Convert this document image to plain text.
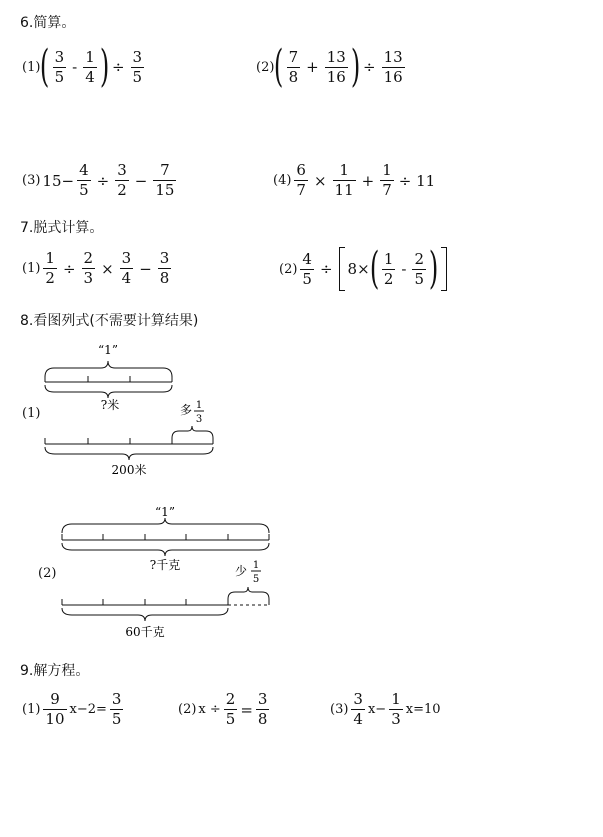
6.简算。
(1) ( $\frac{3}{5} - \frac{1}{4}$ ) ÷ $\frac{3}{5}$	(2) ( $\frac{7}{8} + \frac{13}{16}$ ) ÷ $\frac{13}{16}$
(3) $15- \frac{4}{5} \div \frac{3}{2} - \frac{7}{15}$	$(4) \frac{6}{7} \times \frac{1}{11} + \frac{1}{7} \div 11$
7.脱式计算。
$(1) \frac{1}{2} \div \frac{2}{3} \times \frac{3}{4} - \frac{3}{8}$	$(2) \frac{4}{5} \div 8\times$ ( $\frac{1}{2} - \frac{2}{5}$ )
8.看图列式(不需要计算结果)
(1)
“1”
?米	多 1
3
200米
(2)
“1”
?千克	少 1
5
60千克
9.解方程。
$(1) \frac{9}{10} x-2= \frac{3}{5}$	(2) $x \div \frac{2}{5} = \frac{3}{8}$	$(3) \frac{3}{4} x- \frac{1}{3} x=10$
